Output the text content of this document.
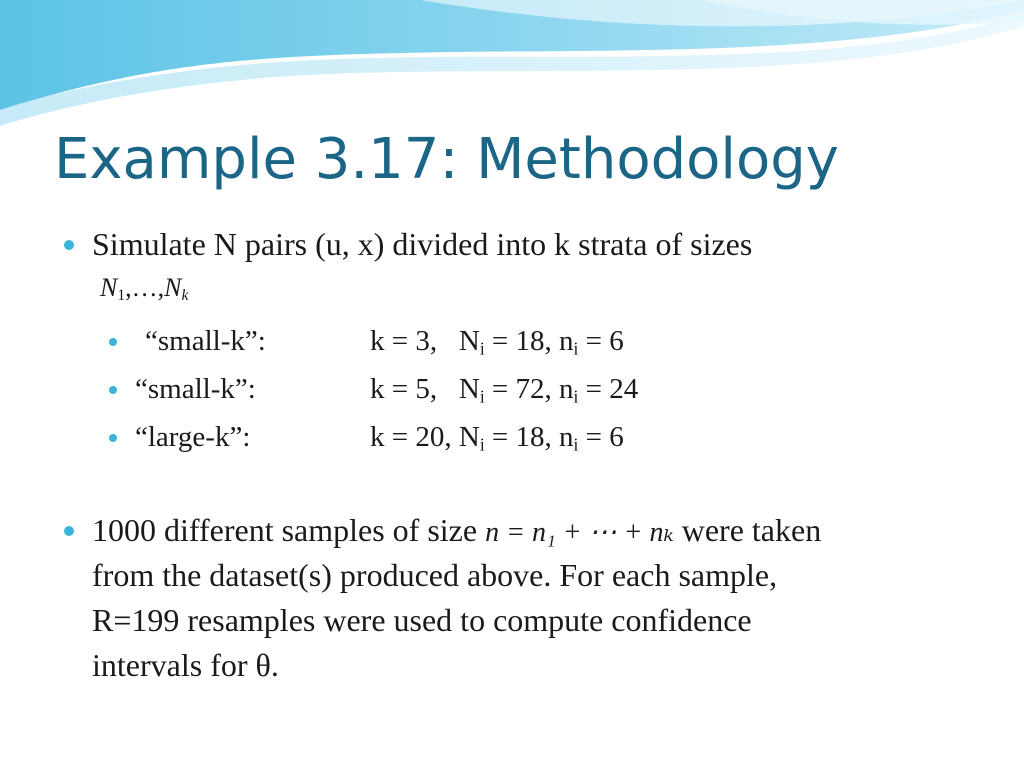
Example 3.17: Methodology
Simulate N pairs (u, x) divided into k strata of sizes
$N_1,\dots,N_k$
“small-k”:	k = 3, $N_i = 18$, $n_i = 6$
“small-k”:	k = 5, $N_i = 72$, $n_i = 24$
“large-k”:	k = 20, $N_i = 18$, $n_i = 6$
1000 different samples of size n = n₁ + ⋯ + nₖ were taken
from the dataset(s) produced above. For each sample,
R=199 resamples were used to compute confidence
intervals for θ.
